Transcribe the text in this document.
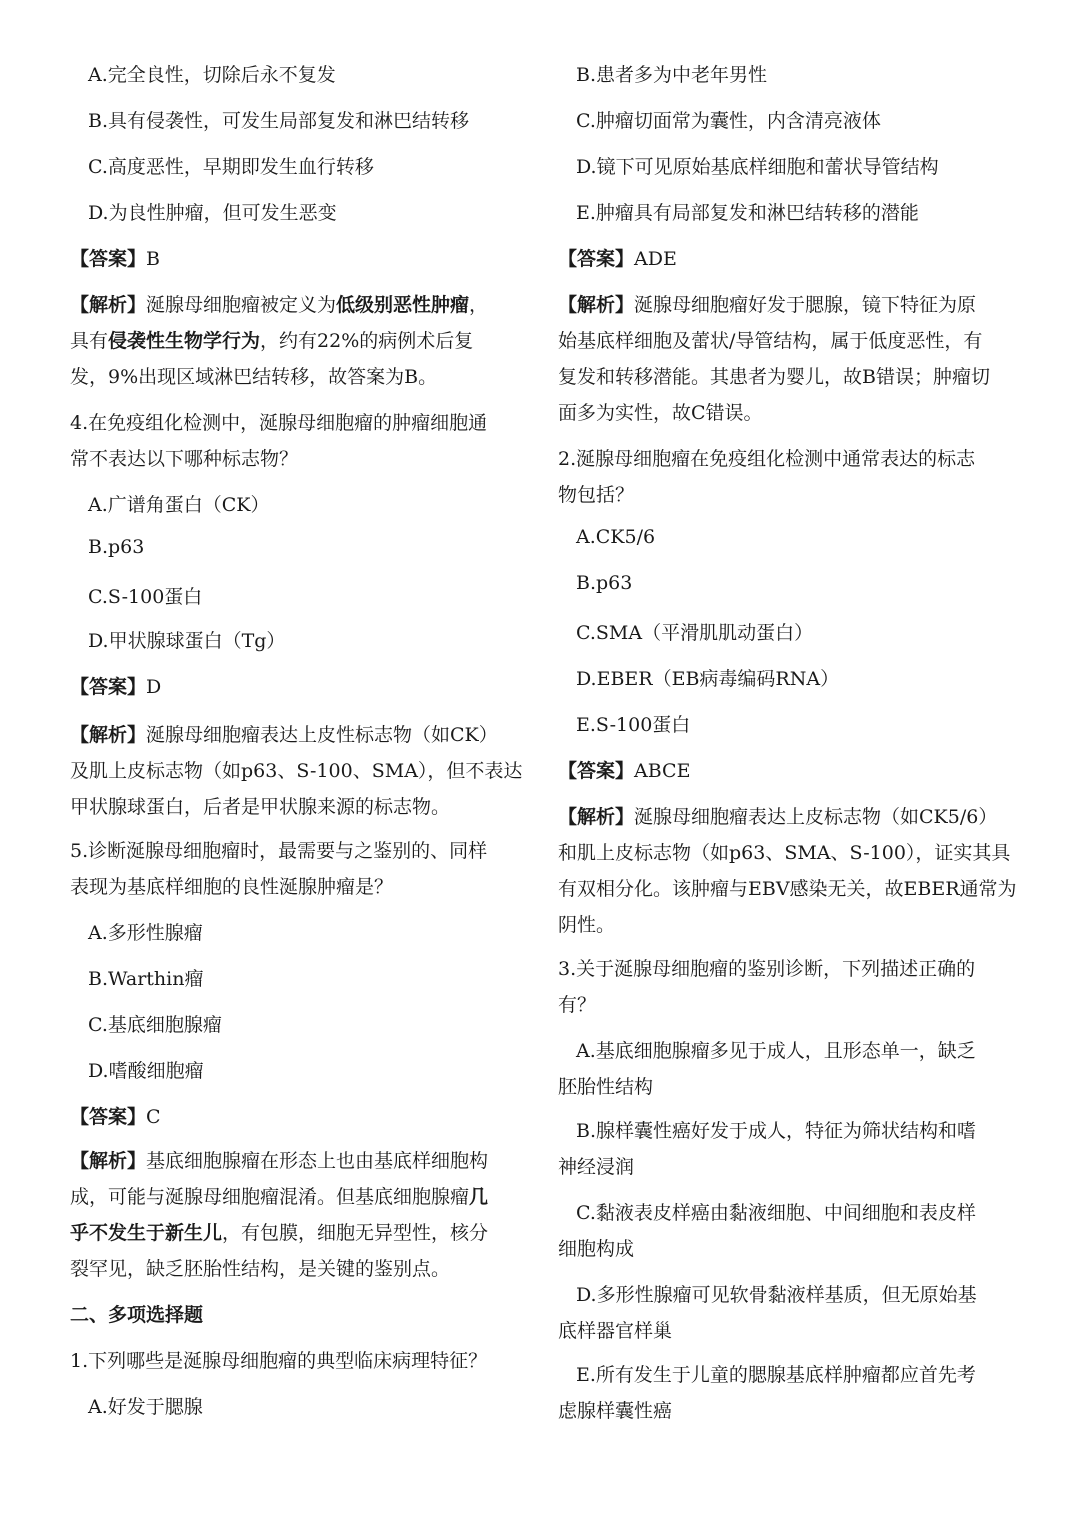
A.完全良性，切除后永不复发
B.具有侵袭性，可发生局部复发和淋巴结转移
C.高度恶性，早期即发生血行转移
D.为良性肿瘤，但可发生恶变
【答案】B
【解析】涎腺母细胞瘤被定义为低级别恶性肿瘤，
具有侵袭性生物学行为，约有22%的病例术后复
发，9%出现区域淋巴结转移，故答案为B。
4.在免疫组化检测中，涎腺母细胞瘤的肿瘤细胞通
常不表达以下哪种标志物？
A.广谱角蛋白（CK）
B.p63
C.S-100蛋白
D.甲状腺球蛋白（Tg）
【答案】D
【解析】涎腺母细胞瘤表达上皮性标志物（如CK）
及肌上皮标志物（如p63、S-100、SMA），但不表达
甲状腺球蛋白，后者是甲状腺来源的标志物。
5.诊断涎腺母细胞瘤时，最需要与之鉴别的、同样
表现为基底样细胞的良性涎腺肿瘤是？
A.多形性腺瘤
B.Warthin瘤
C.基底细胞腺瘤
D.嗜酸细胞瘤
【答案】C
【解析】基底细胞腺瘤在形态上也由基底样细胞构
成，可能与涎腺母细胞瘤混淆。但基底细胞腺瘤几
乎不发生于新生儿，有包膜，细胞无异型性，核分
裂罕见，缺乏胚胎性结构，是关键的鉴别点。
二、多项选择题
1.下列哪些是涎腺母细胞瘤的典型临床病理特征？
A.好发于腮腺
B.患者多为中老年男性
C.肿瘤切面常为囊性，内含清亮液体
D.镜下可见原始基底样细胞和蕾状导管结构
E.肿瘤具有局部复发和淋巴结转移的潜能
【答案】ADE
【解析】涎腺母细胞瘤好发于腮腺，镜下特征为原
始基底样细胞及蕾状/导管结构，属于低度恶性，有
复发和转移潜能。其患者为婴儿，故B错误；肿瘤切
面多为实性，故C错误。
2.涎腺母细胞瘤在免疫组化检测中通常表达的标志
物包括？
A.CK5/6
B.p63
C.SMA（平滑肌肌动蛋白）
D.EBER（EB病毒编码RNA）
E.S-100蛋白
【答案】ABCE
【解析】涎腺母细胞瘤表达上皮标志物（如CK5/6）
和肌上皮标志物（如p63、SMA、S-100），证实其具
有双相分化。该肿瘤与EBV感染无关，故EBER通常为
阴性。
3.关于涎腺母细胞瘤的鉴别诊断，下列描述正确的
有？
A.基底细胞腺瘤多见于成人，且形态单一，缺乏
胚胎性结构
B.腺样囊性癌好发于成人，特征为筛状结构和嗜
神经浸润
C.黏液表皮样癌由黏液细胞、中间细胞和表皮样
细胞构成
D.多形性腺瘤可见软骨黏液样基质，但无原始基
底样器官样巢
E.所有发生于儿童的腮腺基底样肿瘤都应首先考
虑腺样囊性癌
